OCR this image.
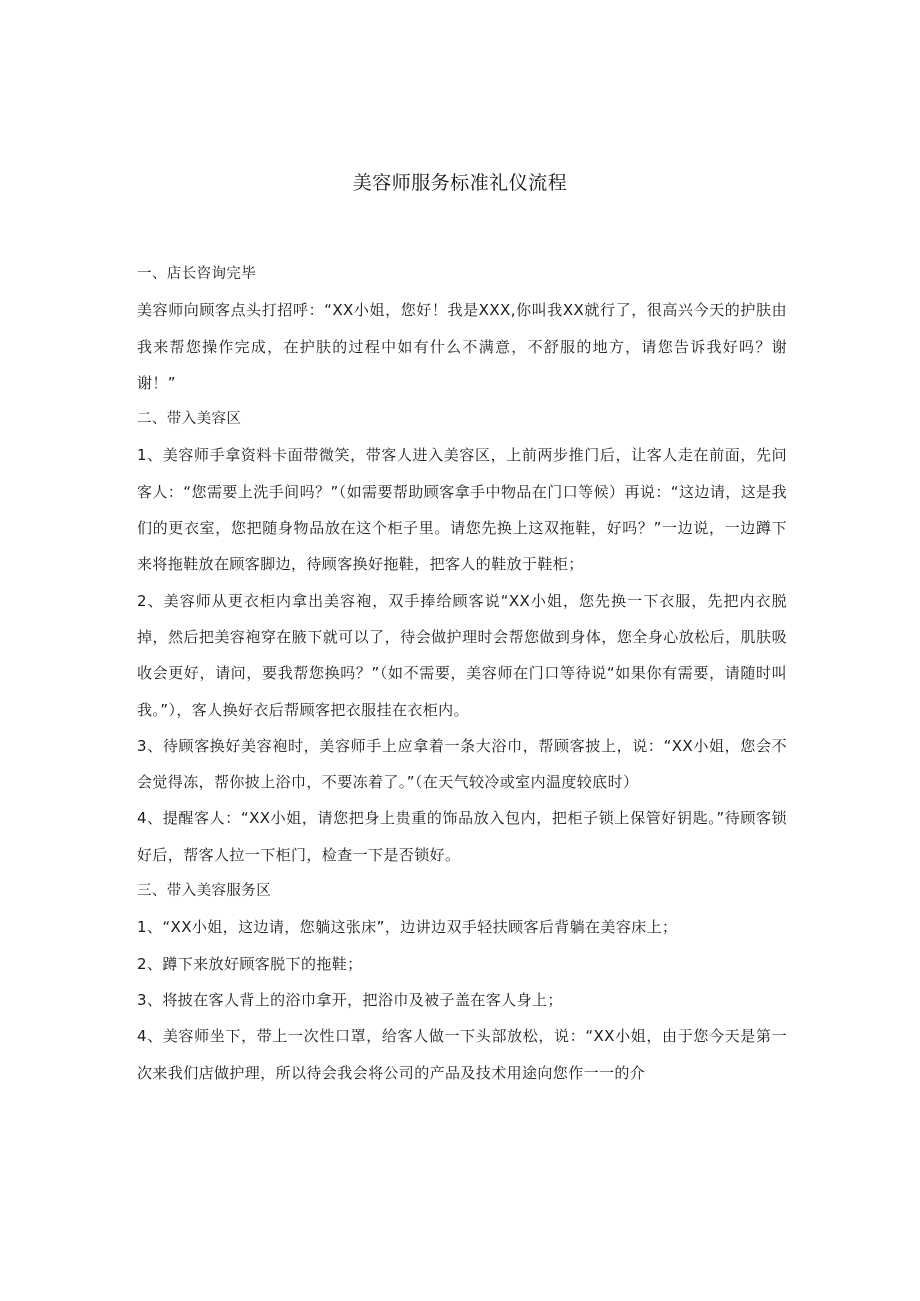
美容师服务标准礼仪流程

一、店长咨询完毕

美容师向顾客点头打招呼：“XX小姐，您好！我是XXX,你叫我XX就行了，很高兴今天的护肤由我来帮您操作完成，在护肤的过程中如有什么不满意，不舒服的地方，请您告诉我好吗？谢谢！”

二、带入美容区

1、美容师手拿资料卡面带微笑，带客人进入美容区，上前两步推门后，让客人走在前面，先问客人：“您需要上洗手间吗？”（如需要帮助顾客拿手中物品在门口等候）再说：“这边请，这是我们的更衣室，您把随身物品放在这个柜子里。请您先换上这双拖鞋，好吗？”一边说，一边蹲下来将拖鞋放在顾客脚边，待顾客换好拖鞋，把客人的鞋放于鞋柜；

2、美容师从更衣柜内拿出美容袍，双手捧给顾客说“XX小姐，您先换一下衣服，先把内衣脱掉，然后把美容袍穿在腋下就可以了，待会做护理时会帮您做到身体，您全身心放松后，肌肤吸收会更好，请问，要我帮您换吗？”（如不需要，美容师在门口等待说“如果你有需要，请随时叫我。”），客人换好衣后帮顾客把衣服挂在衣柜内。

3、待顾客换好美容袍时，美容师手上应拿着一条大浴巾，帮顾客披上，说：“XX小姐，您会不会觉得冻，帮你披上浴巾，不要冻着了。”（在天气较冷或室内温度较底时）

4、提醒客人：“XX小姐，请您把身上贵重的饰品放入包内，把柜子锁上保管好钥匙。”待顾客锁好后，帮客人拉一下柜门，检查一下是否锁好。

三、带入美容服务区

1、“XX小姐，这边请，您躺这张床”，边讲边双手轻扶顾客后背躺在美容床上；

2、蹲下来放好顾客脱下的拖鞋；

3、将披在客人背上的浴巾拿开，把浴巾及被子盖在客人身上；

4、美容师坐下，带上一次性口罩，给客人做一下头部放松，说：“XX小姐，由于您今天是第一次来我们店做护理，所以待会我会将公司的产品及技术用途向您作一一的介
